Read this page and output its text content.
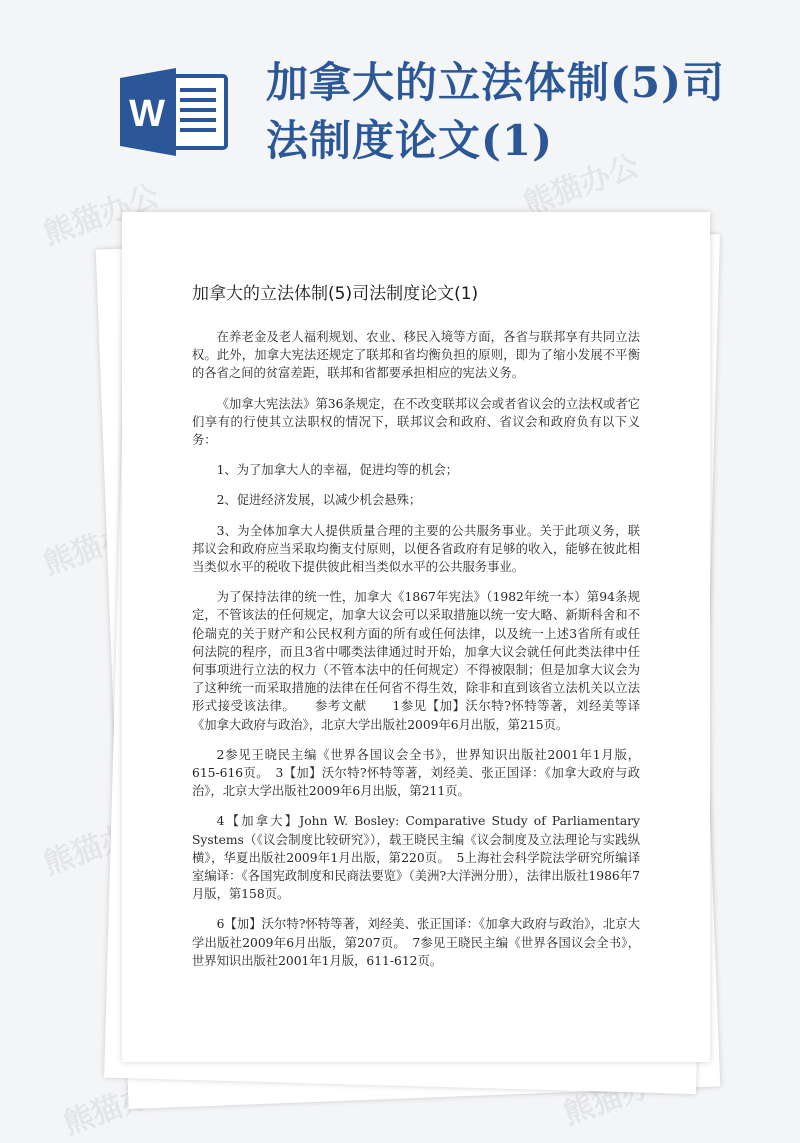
W
加拿大的立法体制(5)司法制度论文(1)
熊猫办公	熊猫办公
熊猫办公
熊猫办公
熊猫办公	熊猫办公
加拿大的立法体制(5)司法制度论文(1)

在养老金及老人福利规划、农业、移民入境等方面，各省与联邦享有共同立法权。此外，加拿大宪法还规定了联邦和省均衡负担的原则，即为了缩小发展不平衡的各省之间的贫富差距，联邦和省都要承担相应的宪法义务。

《加拿大宪法法》第36条规定，在不改变联邦议会或者省议会的立法权或者它们享有的行使其立法职权的情况下，联邦议会和政府、省议会和政府负有以下义务：

1、为了加拿大人的幸福，促进均等的机会；

2、促进经济发展，以减少机会悬殊；

3、为全体加拿大人提供质量合理的主要的公共服务事业。关于此项义务，联邦议会和政府应当采取均衡支付原则，以便各省政府有足够的收入，能够在彼此相当类似水平的税收下提供彼此相当类似水平的公共服务事业。

为了保持法律的统一性，加拿大《1867年宪法》（1982年统一本）第94条规定，不管该法的任何规定，加拿大议会可以采取措施以统一安大略、新斯科舍和不伦瑞克的关于财产和公民权利方面的所有或任何法律，以及统一上述3省所有或任何法院的程序，而且3省中哪类法律通过时开始，加拿大议会就任何此类法律中任何事项进行立法的权力（不管本法中的任何规定）不得被限制；但是加拿大议会为了这种统一而采取措施的法律在任何省不得生效，除非和直到该省立法机关以立法形式接受该法律。　　参考文献　　1参见【加】沃尔特?怀特等著，刘经美等译《加拿大政府与政治》，北京大学出版社2009年6月出版，第215页。

2参见王晓民主编《世界各国议会全书》，世界知识出版社2001年1月版，615-616页。　3【加】沃尔特?怀特等著，刘经美、张正国译：《加拿大政府与政治》，北京大学出版社2009年6月出版，第211页。

4【加拿大】John W. Bosley: Comparative Study of Parliamentary Systems（《议会制度比较研究》），载王晓民主编《议会制度及立法理论与实践纵横》，华夏出版社2009年1月出版，第220页。　5上海社会科学院法学研究所编译室编译：《各国宪政制度和民商法要览》（美洲?大洋洲分册），法律出版社1986年7月版，第158页。

6【加】沃尔特?怀特等著，刘经美、张正国译：《加拿大政府与政治》，北京大学出版社2009年6月出版，第207页。　7参见王晓民主编《世界各国议会全书》，世界知识出版社2001年1月版，611-612页。
